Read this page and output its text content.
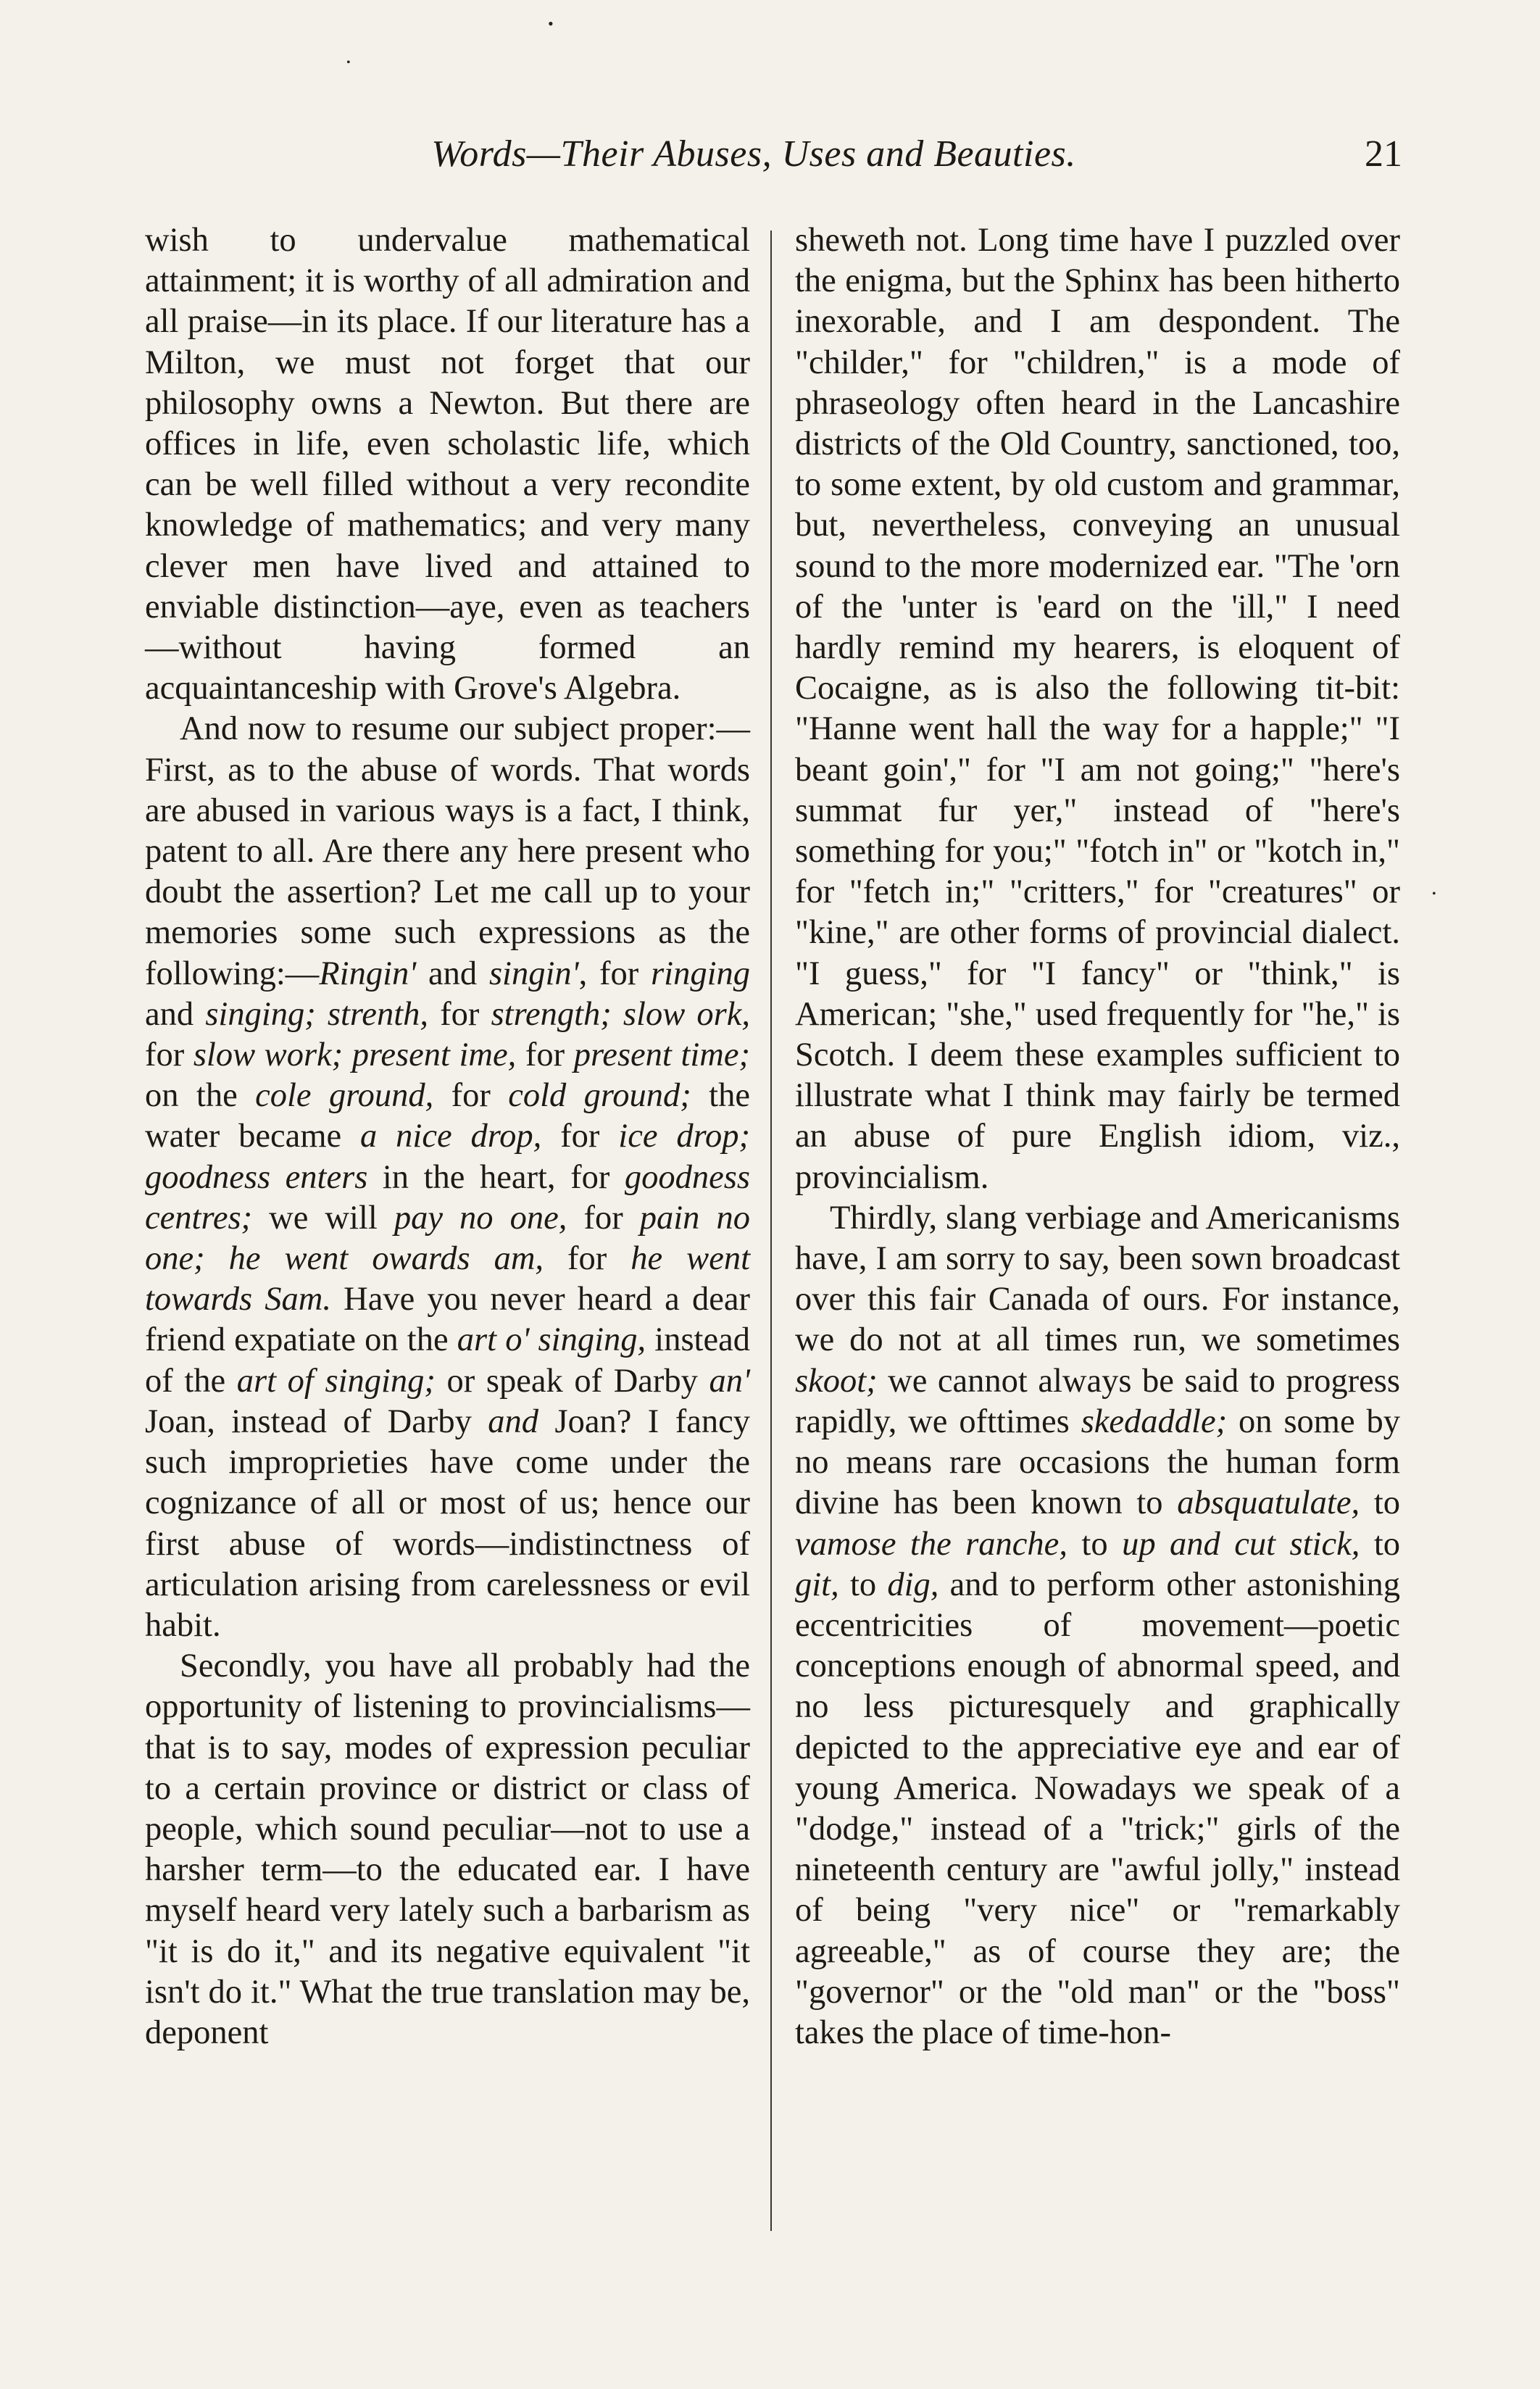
Words—Their Abuses, Uses and Beauties.	21

wish to undervalue mathematical attainment; it is worthy of all admiration and all praise—in its place. If our literature has a Milton, we must not forget that our philosophy owns a Newton. But there are offices in life, even scholastic life, which can be well filled without a very recondite knowledge of mathematics; and very many clever men have lived and attained to enviable distinction—aye, even as teachers—without having formed an acquaintanceship with Grove's Algebra.

And now to resume our subject proper:—First, as to the abuse of words. That words are abused in various ways is a fact, I think, patent to all. Are there any here present who doubt the assertion? Let me call up to your memories some such expressions as the following:—Ringin' and singin', for ringing and singing; strenth, for strength; slow ork, for slow work; present ime, for present time; on the cole ground, for cold ground; the water became a nice drop, for ice drop; goodness enters in the heart, for goodness centres; we will pay no one, for pain no one; he went owards am, for he went towards Sam. Have you never heard a dear friend expatiate on the art o' singing, instead of the art of singing; or speak of Darby an' Joan, instead of Darby and Joan? I fancy such improprieties have come under the cognizance of all or most of us; hence our first abuse of words—indistinctness of articulation arising from carelessness or evil habit.

Secondly, you have all probably had the opportunity of listening to provincialisms—that is to say, modes of expression peculiar to a certain province or district or class of people, which sound peculiar—not to use a harsher term—to the educated ear. I have myself heard very lately such a barbarism as "it is do it," and its negative equivalent "it isn't do it." What the true translation may be, deponent

sheweth not. Long time have I puzzled over the enigma, but the Sphinx has been hitherto inexorable, and I am despondent. The "childer," for "children," is a mode of phraseology often heard in the Lancashire districts of the Old Country, sanctioned, too, to some extent, by old custom and grammar, but, nevertheless, conveying an unusual sound to the more modernized ear. "The 'orn of the 'unter is 'eard on the 'ill," I need hardly remind my hearers, is eloquent of Cocaigne, as is also the following tit-bit: "Hanne went hall the way for a happle;" "I beant goin'," for "I am not going;" "here's summat fur yer," instead of "here's something for you;" "fotch in" or "kotch in," for "fetch in;" "critters," for "creatures" or "kine," are other forms of provincial dialect. "I guess," for "I fancy" or "think," is American; "she," used frequently for "he," is Scotch. I deem these examples sufficient to illustrate what I think may fairly be termed an abuse of pure English idiom, viz., provincialism.

Thirdly, slang verbiage and Americanisms have, I am sorry to say, been sown broadcast over this fair Canada of ours. For instance, we do not at all times run, we sometimes skoot; we cannot always be said to progress rapidly, we ofttimes skedaddle; on some by no means rare occasions the human form divine has been known to absquatulate, to vamose the ranche, to up and cut stick, to git, to dig, and to perform other astonishing eccentricities of movement—poetic conceptions enough of abnormal speed, and no less picturesquely and graphically depicted to the appreciative eye and ear of young America. Nowadays we speak of a "dodge," instead of a "trick;" girls of the nineteenth century are "awful jolly," instead of being "very nice" or "remarkably agreeable," as of course they are; the "governor" or the "old man" or the "boss" takes the place of time-hon-

•
•
•
